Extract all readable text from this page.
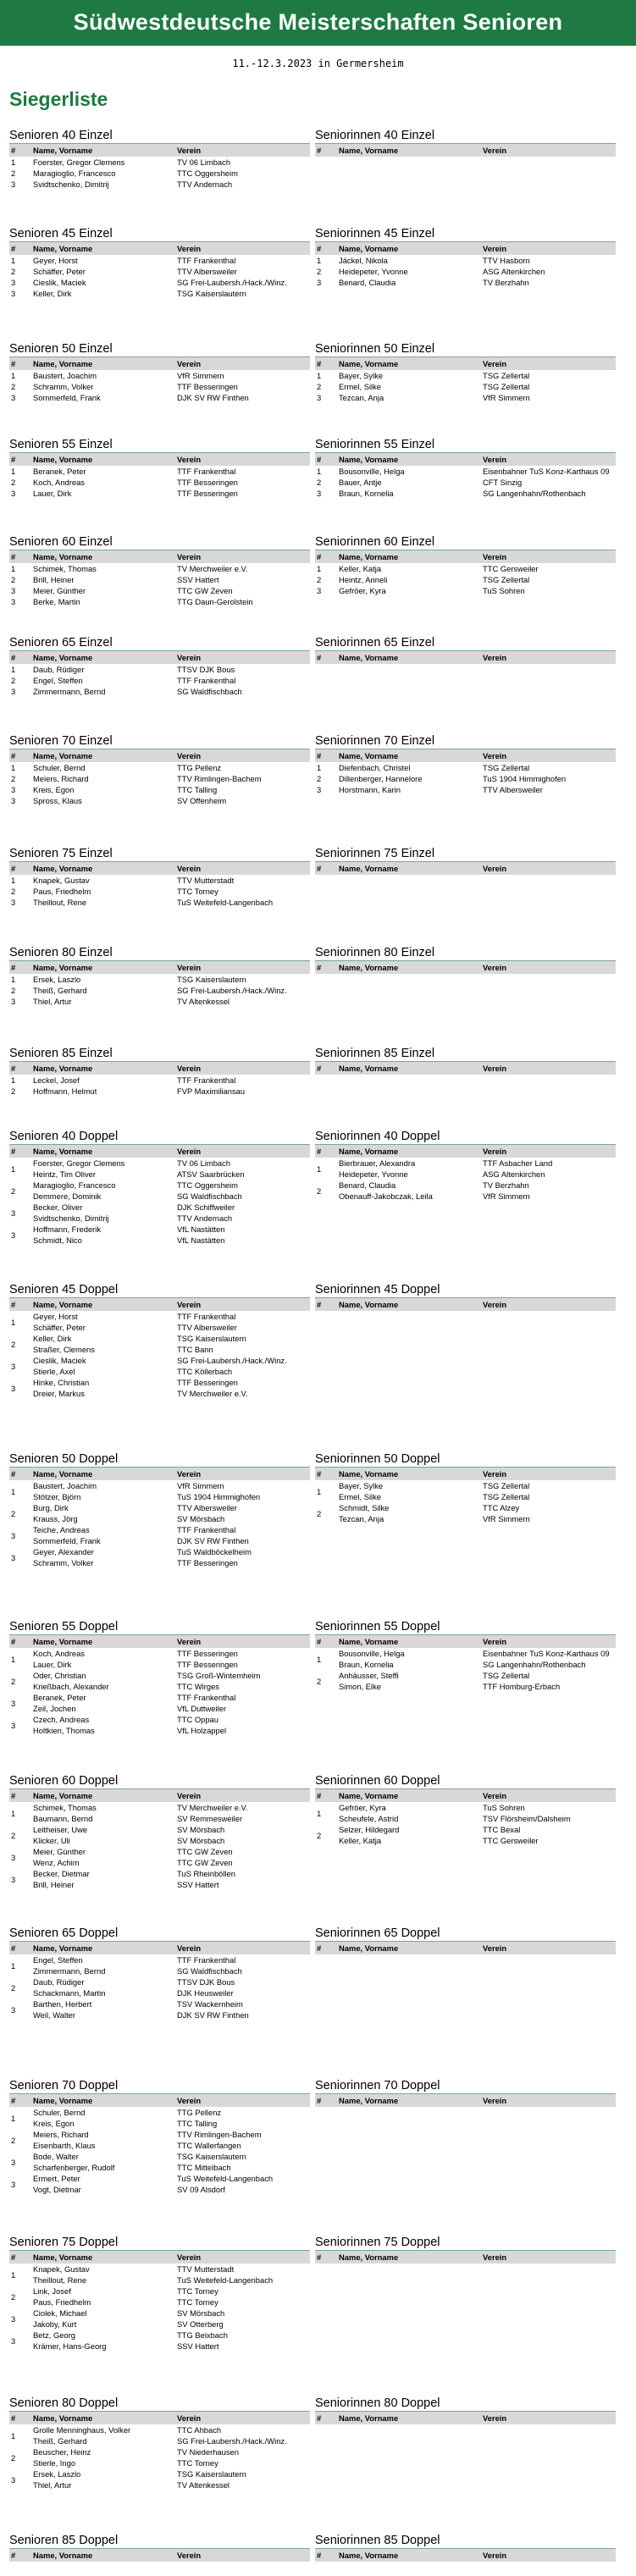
Südwestdeutsche Meisterschaften Senioren
11.-12.3.2023 in Germersheim
Siegerliste
Senioren 40 Einzel
#	Name, Vorname	Verein
1	Foerster, Gregor Clemens	TV 06 Limbach
2	Maragioglio, Francesco	TTC Oggersheim
3	Svidtschenko, Dimitrij	TTV Andernach
Seniorinnen 40 Einzel
#	Name, Vorname	Verein
Senioren 45 Einzel
#	Name, Vorname	Verein
1	Geyer, Horst	TTF Frankenthal
2	Schäffer, Peter	TTV Albersweiler
3	Cieslik, Maciek	SG Frei-Laubersh./Hack./Winz.
3	Keller, Dirk	TSG Kaiserslautern
Seniorinnen 45 Einzel
#	Name, Vorname	Verein
1	Jäckel, Nikola	TTV Hasborn
2	Heidepeter, Yvonne	ASG Altenkirchen
3	Benard, Claudia	TV Berzhahn
Senioren 50 Einzel
#	Name, Vorname	Verein
1	Baustert, Joachim	VfR Simmern
2	Schramm, Volker	TTF Besseringen
3	Sommerfeld, Frank	DJK SV RW Finthen
Seniorinnen 50 Einzel
#	Name, Vorname	Verein
1	Bayer, Sylke	TSG Zellertal
2	Ermel, Silke	TSG Zellertal
3	Tezcan, Anja	VfR Simmern
Senioren 55 Einzel
#	Name, Vorname	Verein
1	Beranek, Peter	TTF Frankenthal
2	Koch, Andreas	TTF Besseringen
3	Lauer, Dirk	TTF Besseringen
Seniorinnen 55 Einzel
#	Name, Vorname	Verein
1	Bousonville, Helga	Eisenbahner TuS Konz-Karthaus 09
2	Bauer, Antje	CFT Sinzig
3	Braun, Kornelia	SG Langenhahn/Rothenbach
Senioren 60 Einzel
#	Name, Vorname	Verein
1	Schimek, Thomas	TV Merchweiler e.V.
2	Brill, Heiner	SSV Hattert
3	Meier, Günther	TTC GW Zeven
3	Berke, Martin	TTG Daun-Gerolstein
Seniorinnen 60 Einzel
#	Name, Vorname	Verein
1	Keller, Katja	TTC Gersweiler
2	Heintz, Anneli	TSG Zellertal
3	Gefröer, Kyra	TuS Sohren
Senioren 65 Einzel
#	Name, Vorname	Verein
1	Daub, Rüdiger	TTSV DJK Bous
2	Engel, Steffen	TTF Frankenthal
3	Zimmermann, Bernd	SG Waldfischbach
Seniorinnen 65 Einzel
#	Name, Vorname	Verein
Senioren 70 Einzel
#	Name, Vorname	Verein
1	Schuler, Bernd	TTG Pellenz
2	Meiers, Richard	TTV Rimlingen-Bachem
3	Kreis, Egon	TTC Talling
3	Spross, Klaus	SV Offenheim
Seniorinnen 70 Einzel
#	Name, Vorname	Verein
1	Diefenbach, Christel	TSG Zellertal
2	Dillenberger, Hannelore	TuS 1904 Himmighofen
3	Horstmann, Karin	TTV Albersweiler
Senioren 75 Einzel
#	Name, Vorname	Verein
1	Knapek, Gustav	TTV Mutterstadt
2	Paus, Friedhelm	TTC Torney
3	Theillout, Rene	TuS Weitefeld-Langenbach
Seniorinnen 75 Einzel
#	Name, Vorname	Verein
Senioren 80 Einzel
#	Name, Vorname	Verein
1	Ersek, Laszlo	TSG Kaiserslautern
2	Theiß, Gerhard	SG Frei-Laubersh./Hack./Winz.
3	Thiel, Artur	TV Altenkessel
Seniorinnen 80 Einzel
#	Name, Vorname	Verein
Senioren 85 Einzel
#	Name, Vorname	Verein
1	Leckel, Josef	TTF Frankenthal
2	Hoffmann, Helmut	FVP Maximiliansau
Seniorinnen 85 Einzel
#	Name, Vorname	Verein
Senioren 40 Doppel
#	Name, Vorname	Verein
1	Foerster, Gregor Clemens	TV 06 Limbach
	Heintz, Tim Oliver	ATSV Saarbrücken
2	Maragioglio, Francesco	TTC Oggersheim
	Demmere, Dominik	SG Waldfischbach
3	Becker, Oliver	DJK Schiffweiler
	Svidtschenko, Dimitrij	TTV Andernach
3	Hoffmann, Frederik	VfL Nastätten
	Schmidt, Nico	VfL Nastätten
Seniorinnen 40 Doppel
#	Name, Vorname	Verein
1	Bierbrauer, Alexandra	TTF Asbacher Land
	Heidepeter, Yvonne	ASG Altenkirchen
2	Benard, Claudia	TV Berzhahn
	Obenauff-Jakobczak, Leila	VfR Simmern
Senioren 45 Doppel
#	Name, Vorname	Verein
1	Geyer, Horst	TTF Frankenthal
	Schäffer, Peter	TTV Albersweiler
2	Keller, Dirk	TSG Kaiserslautern
	Straßer, Clemens	TTC Bann
3	Cieslik, Maciek	SG Frei-Laubersh./Hack./Winz.
	Stierle, Axel	TTC Köllerbach
3	Hinke, Christian	TTF Besseringen
	Dreier, Markus	TV Merchweiler e.V.
Seniorinnen 45 Doppel
#	Name, Vorname	Verein
Senioren 50 Doppel
#	Name, Vorname	Verein
1	Baustert, Joachim	VfR Simmern
	Stötzer, Björn	TuS 1904 Himmighofen
2	Burg, Dirk	TTV Albersweiler
	Krauss, Jörg	SV Mörsbach
3	Teiche, Andreas	TTF Frankenthal
	Sommerfeld, Frank	DJK SV RW Finthen
3	Geyer, Alexander	TuS Waldböckelheim
	Schramm, Volker	TTF Besseringen
Seniorinnen 50 Doppel
#	Name, Vorname	Verein
1	Bayer, Sylke	TSG Zellertal
	Ermel, Silke	TSG Zellertal
2	Schmidt, Silke	TTC Alzey
	Tezcan, Anja	VfR Simmern
Senioren 55 Doppel
#	Name, Vorname	Verein
1	Koch, Andreas	TTF Besseringen
	Lauer, Dirk	TTF Besseringen
2	Oder, Christian	TSG Groß-Wintemheim
	Krießbach, Alexander	TTC Wirges
3	Beranek, Peter	TTF Frankenthal
	Zeil, Jochen	VfL Duttweiler
3	Czech, Andreas	TTC Oppau
	Holtkien, Thomas	VfL Holzappel
Seniorinnen 55 Doppel
#	Name, Vorname	Verein
1	Bousonville, Helga	Eisenbahner TuS Konz-Karthaus 09
	Braun, Kornelia	SG Langenhahn/Rothenbach
2	Anhäusser, Steffi	TSG Zellertal
	Simon, Elke	TTF Homburg-Erbach
Senioren 60 Doppel
#	Name, Vorname	Verein
1	Schimek, Thomas	TV Merchweiler e.V.
	Baumann, Bernd	SV Remmesweiler
2	Leitheiser, Uwe	SV Mörsbach
	Klicker, Uli	SV Mörsbach
3	Meier, Günther	TTC GW Zeven
	Wenz, Achim	TTC GW Zeven
3	Becker, Dietmar	TuS Rheinböllen
	Brill, Heiner	SSV Hattert
Seniorinnen 60 Doppel
#	Name, Vorname	Verein
1	Gefröer, Kyra	TuS Sohren
	Scheufele, Astrid	TSV Flörsheim/Dalsheim
2	Selzer, Hildegard	TTC Bexal
	Keller, Katja	TTC Gersweiler
Senioren 65 Doppel
#	Name, Vorname	Verein
1	Engel, Steffen	TTF Frankenthal
	Zimmermann, Bernd	SG Waldfischbach
2	Daub, Rüdiger	TTSV DJK Bous
	Schackmann, Martin	DJK Heusweiler
3	Barthen, Herbert	TSV Wackernheim
	Weil, Walter	DJK SV RW Finthen
Seniorinnen 65 Doppel
#	Name, Vorname	Verein
Senioren 70 Doppel
#	Name, Vorname	Verein
1	Schuler, Bernd	TTG Pellenz
	Kreis, Egon	TTC Talling
2	Meiers, Richard	TTV Rimlingen-Bachem
	Eisenbarth, Klaus	TTC Wallerfangen
3	Bode, Walter	TSG Kaiserslautern
	Scharfenberger, Rudolf	TTC Mittelbach
3	Ermert, Peter	TuS Weitefeld-Langenbach
	Vogt, Dietmar	SV 09 Alsdorf
Seniorinnen 70 Doppel
#	Name, Vorname	Verein
Senioren 75 Doppel
#	Name, Vorname	Verein
1	Knapek, Gustav	TTV Mutterstadt
	Theillout, Rene	TuS Weitefeld-Langenbach
2	Link, Josef	TTC Torney
	Paus, Friedhelm	TTC Torney
3	Ciolek, Michael	SV Mörsbach
	Jakoby, Kurt	SV Otterberg
3	Betz, Georg	TTG Beixbach
	Krämer, Hans-Georg	SSV Hattert
Seniorinnen 75 Doppel
#	Name, Vorname	Verein
Senioren 80 Doppel
#	Name, Vorname	Verein
1	Grolle Menninghaus, Volker	TTC Ahbach
	Theiß, Gerhard	SG Frei-Laubersh./Hack./Winz.
2	Beuscher, Heinz	TV Niederhausen
	Stierle, Ingo	TTC Torney
3	Ersek, Laszlo	TSG Kaiserslautern
	Thiel, Artur	TV Altenkessel
Seniorinnen 80 Doppel
#	Name, Vorname	Verein
Senioren 85 Doppel
#	Name, Vorname	Verein
Seniorinnen 85 Doppel
#	Name, Vorname	Verein
